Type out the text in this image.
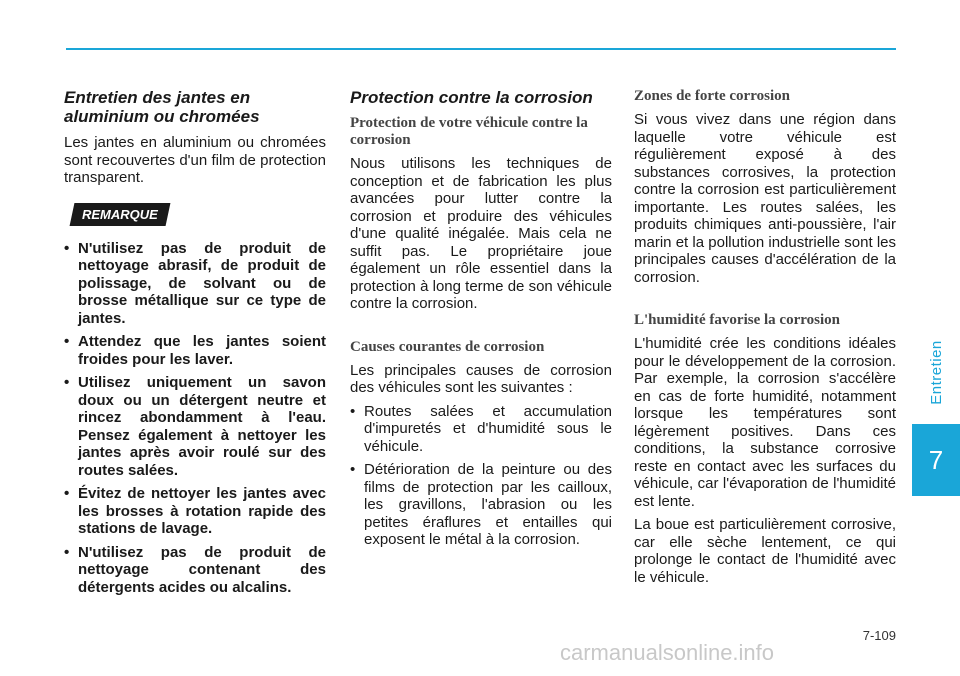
Entretien des jantes en aluminium ou chromées

Les jantes en aluminium ou chromées sont recouvertes d'un film de protection transparent.

REMARQUE
• N'utilisez pas de produit de nettoyage abrasif, de produit de polissage, de solvant ou de brosse métallique sur ce type de jantes.
• Attendez que les jantes soient froides pour les laver.
• Utilisez uniquement un savon doux ou un détergent neutre et rincez abondamment à l'eau. Pensez également à nettoyer les jantes après avoir roulé sur des routes salées.
• Évitez de nettoyer les jantes avec les brosses à rotation rapide des stations de lavage.
• N'utilisez pas de produit de nettoyage contenant des détergents acides ou alcalins.
Protection contre la corrosion
Protection de votre véhicule contre la corrosion

Nous utilisons les techniques de conception et de fabrication les plus avancées pour lutter contre la corrosion et produire des véhicules d'une qualité inégalée. Mais cela ne suffit pas. Le propriétaire joue également un rôle essentiel dans la protection à long terme de son véhicule contre la corrosion.

Causes courantes de corrosion

Les principales causes de corrosion des véhicules sont les suivantes :

• Routes salées et accumulation d'impuretés et d'humidité sous le véhicule.
• Détérioration de la peinture ou des films de protection par les cailloux, les gravillons, l'abrasion ou les petites éraflures et entailles qui exposent le métal à la corrosion.
Zones de forte corrosion

Si vous vivez dans une région dans laquelle votre véhicule est régulièrement exposé à des substances corrosives, la protection contre la corrosion est particulièrement importante. Les routes salées, les produits chimiques anti-poussière, l'air marin et la pollution industrielle sont les principales causes d'accélération de la corrosion.

L'humidité favorise la corrosion

L'humidité crée les conditions idéales pour le développement de la corrosion. Par exemple, la corrosion s'accélère en cas de forte humidité, notamment lorsque les températures sont légèrement positives. Dans ces conditions, la substance corrosive reste en contact avec les surfaces du véhicule, car l'évaporation de l'humidité est lente.

La boue est particulièrement corrosive, car elle sèche lentement, ce qui prolonge le contact de l'humidité avec le véhicule.

Entretien
7
7-109
carmanualsonline.info
